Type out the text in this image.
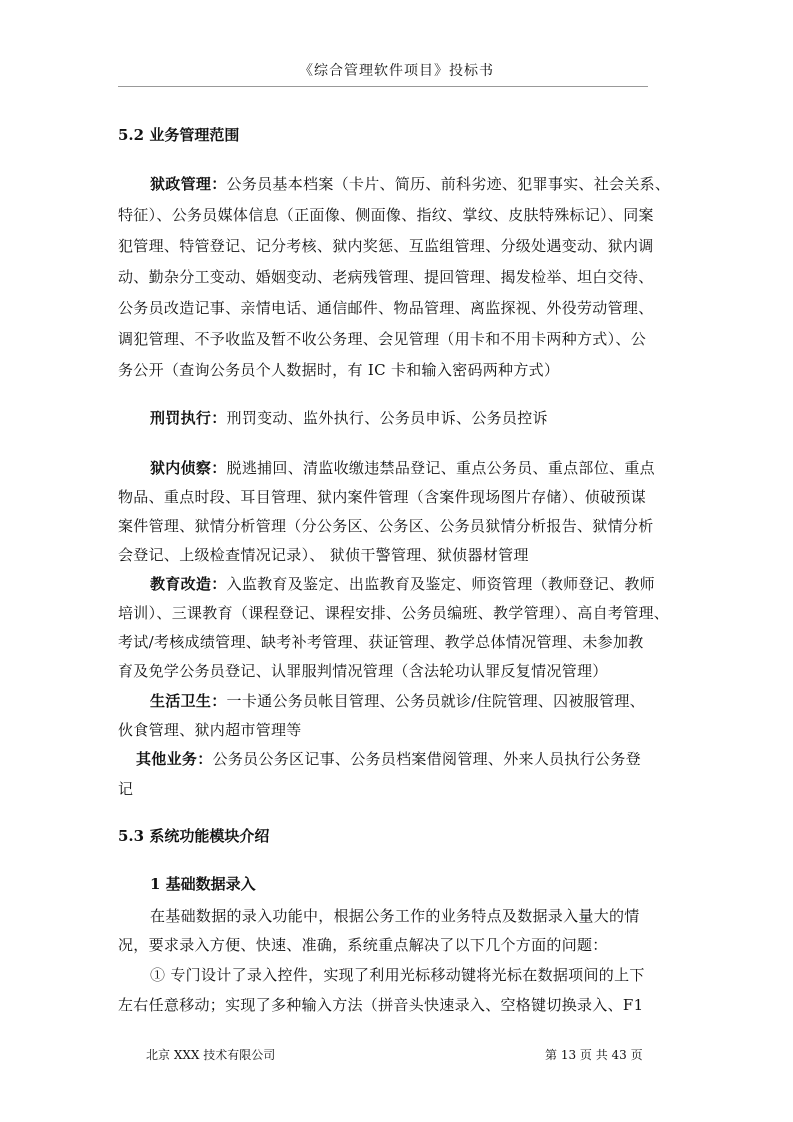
《综合管理软件项目》投标书
5.2 业务管理范围
狱政管理：公务员基本档案（卡片、简历、前科劣迹、犯罪事实、社会关系、
特征）、公务员媒体信息（正面像、侧面像、指纹、掌纹、皮肤特殊标记）、同案
犯管理、特管登记、记分考核、狱内奖惩、互监组管理、分级处遇变动、狱内调
动、勤杂分工变动、婚姻变动、老病残管理、提回管理、揭发检举、坦白交待、
公务员改造记事、亲情电话、通信邮件、物品管理、离监探视、外役劳动管理、
调犯管理、不予收监及暂不收公务理、会见管理（用卡和不用卡两种方式）、公
务公开（查询公务员个人数据时，有 IC 卡和输入密码两种方式）
刑罚执行：刑罚变动、监外执行、公务员申诉、公务员控诉
狱内侦察：脱逃捕回、清监收缴违禁品登记、重点公务员、重点部位、重点
物品、重点时段、耳目管理、狱内案件管理（含案件现场图片存储）、侦破预谋
案件管理、狱情分析管理（分公务区、公务区、公务员狱情分析报告、狱情分析
会登记、上级检查情况记录）、 狱侦干警管理、狱侦器材管理
教育改造：入监教育及鉴定、出监教育及鉴定、师资管理（教师登记、教师
培训）、三课教育（课程登记、课程安排、公务员编班、教学管理）、高自考管理、
考试/考核成绩管理、缺考补考管理、获证管理、教学总体情况管理、未参加教
育及免学公务员登记、认罪服判情况管理（含法轮功认罪反复情况管理）
生活卫生：一卡通公务员帐目管理、公务员就诊/住院管理、囚被服管理、
伙食管理、狱内超市管理等
其他业务：公务员公务区记事、公务员档案借阅管理、外来人员执行公务登
记
5.3 系统功能模块介绍
1 基础数据录入
在基础数据的录入功能中，根据公务工作的业务特点及数据录入量大的情
况，要求录入方便、快速、准确，系统重点解决了以下几个方面的问题：
① 专门设计了录入控件，实现了利用光标移动键将光标在数据项间的上下
左右任意移动；实现了多种输入方法（拼音头快速录入、空格键切换录入、F1
北京 XXX 技术有限公司	第 13 页 共 43 页
